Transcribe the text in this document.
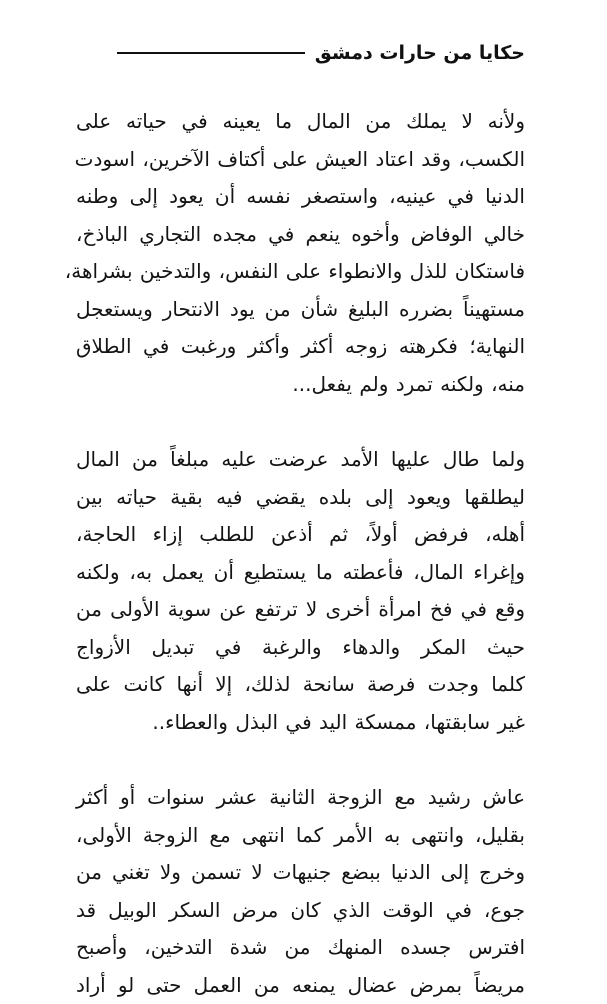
حكايا من حارات دمشق

ولأنه لا يملك من المال ما يعينه في حياته على
الكسب، وقد اعتاد العيش على أكتاف الآخرين، اسودت
الدنيا في عينيه، واستصغر نفسه أن يعود إلى وطنه
خالي الوفاض وأخوه ينعم في مجده التجاري الباذخ،
فاستكان للذل والانطواء على النفس، والتدخين بشراهة،
مستهيناً بضرره البليغ شأن من يود الانتحار ويستعجل
النهاية؛ فكرهته زوجه أكثر وأكثر ورغبت في الطلاق
منه، ولكنه تمرد ولم يفعل...

ولما طال عليها الأمد عرضت عليه مبلغاً من المال
ليطلقها ويعود إلى بلده يقضي فيه بقية حياته بين
أهله، فرفض أولاً، ثم أذعن للطلب إزاء الحاجة،
وإغراء المال، فأعطته ما يستطيع أن يعمل به، ولكنه
وقع في فخ امرأة أخرى لا ترتفع عن سوية الأولى من
حيث المكر والدهاء والرغبة في تبديل الأزواج
كلما وجدت فرصة سانحة لذلك، إلا أنها كانت على
غير سابقتها، ممسكة اليد في البذل والعطاء..

عاش رشيد مع الزوجة الثانية عشر سنوات أو أكثر
بقليل، وانتهى به الأمر كما انتهى مع الزوجة الأولى،
وخرج إلى الدنيا ببضع جنيهات لا تسمن ولا تغني من
جوع، في الوقت الذي كان مرض السكر الوبيل قد
افترس جسده المنهك من شدة التدخين، وأصبح
مريضاً بمرض عضال يمنعه من العمل حتى لو أراد
